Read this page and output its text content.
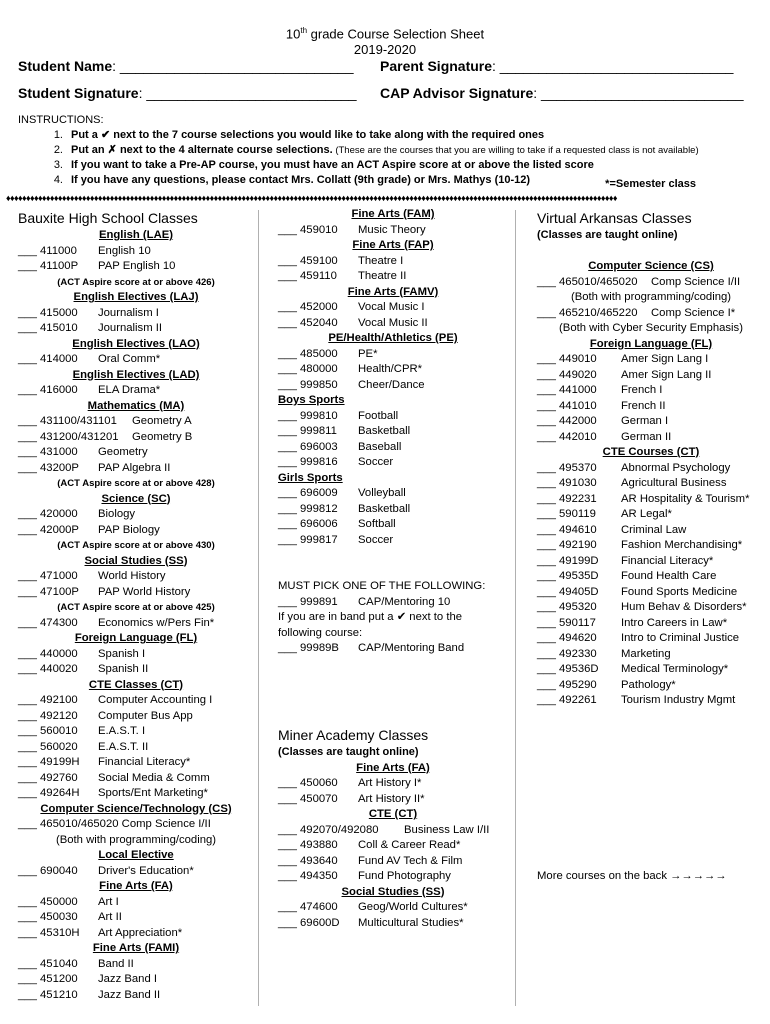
10th grade Course Selection Sheet
2019-2020
Student Name: ______________________________ Parent Signature: ______________________________
Student Signature: ___________________________ CAP Advisor Signature: __________________________
INSTRUCTIONS:
1. Put a ✔ next to the 7 course selections you would like to take along with the required ones
2. Put an ✗ next to the 4 alternate course selections. (These are the courses that you are willing to take if a requested class is not available)
3. If you want to take a Pre-AP course, you must have an ACT Aspire score at or above the listed score
4. If you have any questions, please contact Mrs. Collatt (9th grade) or Mrs. Mathys (10-12)	*=Semester class
♦♦♦♦♦♦♦♦♦♦♦♦♦♦♦♦♦♦♦♦♦♦♦♦♦♦♦♦♦♦♦♦♦♦♦♦♦♦♦♦♦♦♦♦♦♦♦♦♦♦♦♦♦♦♦♦♦♦♦♦♦♦♦♦♦♦♦♦♦♦♦♦♦♦♦♦♦♦♦♦♦♦♦♦♦♦♦♦♦♦♦♦♦♦♦♦♦♦♦♦♦♦♦♦♦♦♦♦♦♦♦♦♦♦♦♦♦♦♦♦♦♦♦♦♦♦♦♦♦♦♦♦♦♦♦♦♦♦♦♦♦♦♦♦♦♦♦♦♦♦♦♦♦
Bauxite High School Classes
English (LAE)
___ 411000 English 10
___ 41100P PAP English 10
(ACT Aspire score at or above 426)
English Electives (LAJ)
___ 415000 Journalism I
___ 415010 Journalism II
English Electives (LAO)
___ 414000 Oral Comm*
English Electives (LAD)
___ 416000 ELA Drama*
Mathematics (MA)
___ 431100/431101 Geometry A
___ 431200/431201 Geometry B
___ 431000 Geometry
___ 43200P PAP Algebra II
(ACT Aspire score at or above 428)
Science (SC)
___ 420000 Biology
___ 42000P PAP Biology
(ACT Aspire score at or above 430)
Social Studies (SS)
___ 471000 World History
___ 47100P PAP World History
(ACT Aspire score at or above 425)
___ 474300 Economics w/Pers Fin*
Foreign Language (FL)
___ 440000 Spanish I
___ 440020 Spanish II
CTE Classes (CT)
___ 492100 Computer Accounting I
___ 492120 Computer Bus App
___ 560010 E.A.S.T. I
___ 560020 E.A.S.T. II
___ 49199H Financial Literacy*
___ 492760 Social Media & Comm
___ 49264H Sports/Ent Marketing*
Computer Science/Technology (CS)
___ 465010/465020 Comp Science I/II
(Both with programming/coding)
Local Elective
___ 690040 Driver's Education*
Fine Arts (FA)
___ 450000 Art I
___ 450030 Art II
___ 45310H Art Appreciation*
Fine Arts (FAMI)
___ 451040 Band II
___ 451200 Jazz Band I
___ 451210 Jazz Band II
Fine Arts (FAM)
___ 459010 Music Theory
Fine Arts (FAP)
___ 459100 Theatre I
___ 459110 Theatre II
Fine Arts (FAMV)
___ 452000 Vocal Music I
___ 452040 Vocal Music II
PE/Health/Athletics (PE)
___ 485000 PE*
___ 480000 Health/CPR*
___ 999850 Cheer/Dance
Boys Sports
___ 999810 Football
___ 999811 Basketball
___ 696003 Baseball
___ 999816 Soccer
Girls Sports
___ 696009 Volleyball
___ 999812 Basketball
___ 696006 Softball
___ 999817 Soccer
MUST PICK ONE OF THE FOLLOWING:
___ 999891 CAP/Mentoring 10
If you are in band put a ✔ next to the
following course:
___ 99989B CAP/Mentoring Band
Miner Academy Classes
(Classes are taught online)
Fine Arts (FA)
___ 450060 Art History I*
___ 450070 Art History II*
CTE (CT)
___ 492070/492080 Business Law I/II
___ 493880 Coll & Career Read*
___ 493640 Fund AV Tech & Film
___ 494350 Fund Photography
Social Studies (SS)
___ 474600 Geog/World Cultures*
___ 69600D Multicultural Studies*
Virtual Arkansas Classes
(Classes are taught online)
Computer Science (CS)
___ 465010/465020 Comp Science I/II
(Both with programming/coding)
___ 465210/465220 Comp Science I*
(Both with Cyber Security Emphasis)
Foreign Language (FL)
___ 449010 Amer Sign Lang I
___ 449020 Amer Sign Lang II
___ 441000 French I
___ 441010 French II
___ 442000 German I
___ 442010 German II
CTE Courses (CT)
___ 495370 Abnormal Psychology
___ 491030 Agricultural Business
___ 492231 AR Hospitality & Tourism*
___ 590119 AR Legal*
___ 494610 Criminal Law
___ 492190 Fashion Merchandising*
___ 49199D Financial Literacy*
___ 49535D Found Health Care
___ 49405D Found Sports Medicine
___ 495320 Hum Behav & Disorders*
___ 590117 Intro Careers in Law*
___ 494620 Intro to Criminal Justice
___ 492330 Marketing
___ 49536D Medical Terminology*
___ 495290 Pathology*
___ 492261 Tourism Industry Mgmt
More courses on the back →→→→→
